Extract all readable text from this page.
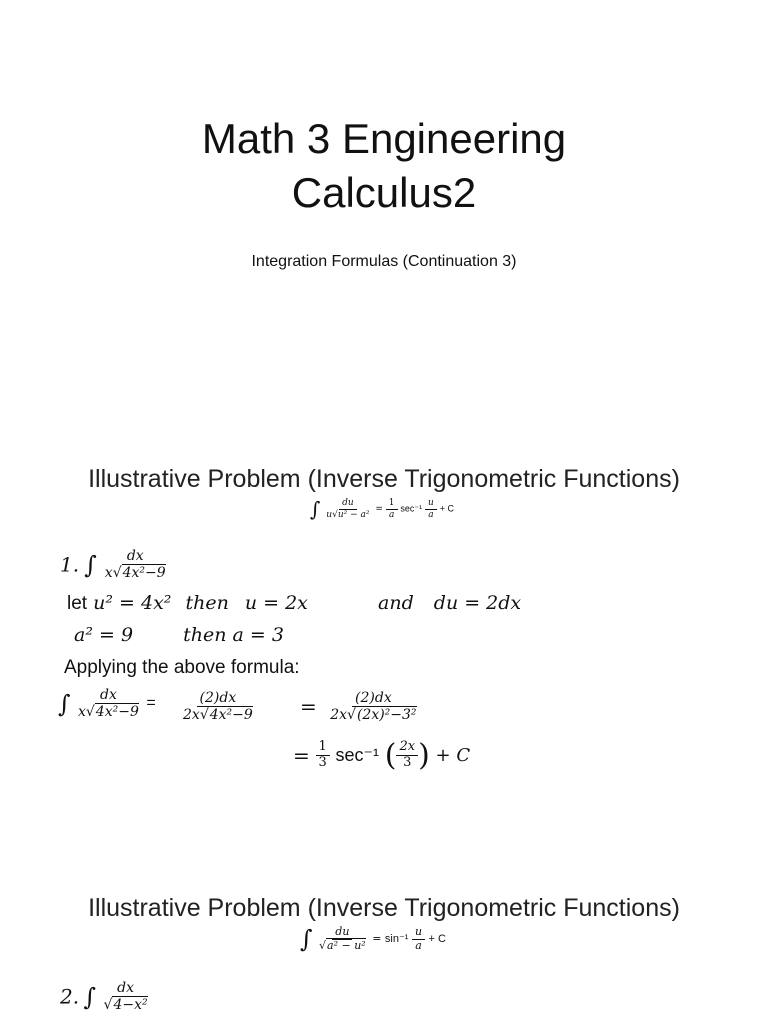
Math 3 Engineering
Calculus2
Integration Formulas (Continuation 3)
Illustrative Problem (Inverse Trigonometric Functions)
∫ $\frac{du}{\text{u√u² − a²}} = \frac{1}{a} \sec^{-1} \frac{u}{a} + C$
1. ∫ $\frac{dx}{\text{x√4x²−9}}$
let u² = 4x² then u = 2x	and du = 2dx
a² = 9	then a = 3
Applying the above formula:
∫ $\frac{dx}{\text{x√4x²−9}} = \frac{(2)dx}{\text{2x√4x²−9}} = \frac{(2)dx}{\text{2x√(2x)²−3²}}$
= $\frac{1}{3} \sec^{-1}$ ( $\frac{2x}{3}$ ) + C
Illustrative Problem (Inverse Trigonometric Functions)
∫ $\frac{du}{\text{√a² − u²}} = \sin^{-1} \frac{u}{a} + C$
2. ∫ $\frac{dx}{\text{√4−x²}}$
